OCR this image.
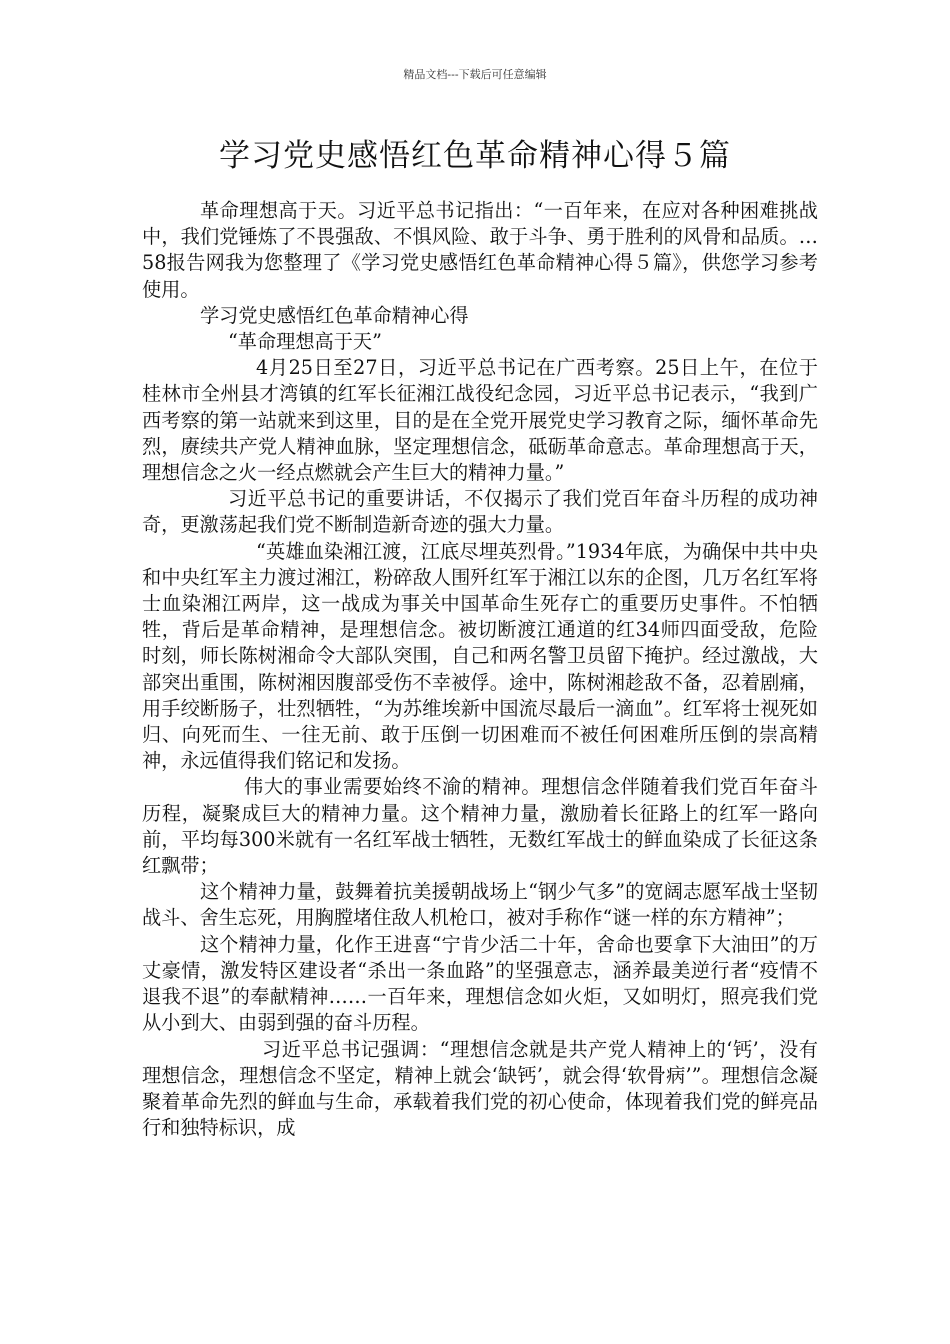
精品文档---下载后可任意编辑
学习党史感悟红色革命精神心得５篇

革命理想高于天。习近平总书记指出：“一百年来，在应对各种困难挑战中，我们党锤炼了不畏强敌、不惧风险、敢于斗争、勇于胜利的风骨和品质。…58报告网我为您整理了《学习党史感悟红色革命精神心得５篇》，供您学习参考使用。

学习党史感悟红色革命精神心得

“革命理想高于天”

4月25日至27日，习近平总书记在广西考察。25日上午，在位于桂林市全州县才湾镇的红军长征湘江战役纪念园，习近平总书记表示，“我到广西考察的第一站就来到这里，目的是在全党开展党史学习教育之际，缅怀革命先烈，赓续共产党人精神血脉，坚定理想信念，砥砺革命意志。革命理想高于天，理想信念之火一经点燃就会产生巨大的精神力量。”

习近平总书记的重要讲话，不仅揭示了我们党百年奋斗历程的成功神奇，更激荡起我们党不断制造新奇迹的强大力量。

“英雄血染湘江渡，江底尽埋英烈骨。”1934年底，为确保中共中央和中央红军主力渡过湘江，粉碎敌人围歼红军于湘江以东的企图，几万名红军将士血染湘江两岸，这一战成为事关中国革命生死存亡的重要历史事件。不怕牺牲，背后是革命精神，是理想信念。被切断渡江通道的红34师四面受敌，危险时刻，师长陈树湘命令大部队突围，自己和两名警卫员留下掩护。经过激战，大部突出重围，陈树湘因腹部受伤不幸被俘。途中，陈树湘趁敌不备，忍着剧痛，用手绞断肠子，壮烈牺牲，“为苏维埃新中国流尽最后一滴血”。红军将士视死如归、向死而生、一往无前、敢于压倒一切困难而不被任何困难所压倒的崇高精神，永远值得我们铭记和发扬。

伟大的事业需要始终不渝的精神。理想信念伴随着我们党百年奋斗历程，凝聚成巨大的精神力量。这个精神力量，激励着长征路上的红军一路向前，平均每300米就有一名红军战士牺牲，无数红军战士的鲜血染成了长征这条红飘带；

这个精神力量，鼓舞着抗美援朝战场上“钢少气多”的宽阔志愿军战士坚韧战斗、舍生忘死，用胸膛堵住敌人机枪口，被对手称作“谜一样的东方精神”；

这个精神力量，化作王进喜“宁肯少活二十年，舍命也要拿下大油田”的万丈豪情，激发特区建设者“杀出一条血路”的坚强意志，涵养最美逆行者“疫情不退我不退”的奉献精神……一百年来，理想信念如火炬，又如明灯，照亮我们党从小到大、由弱到强的奋斗历程。

习近平总书记强调：“理想信念就是共产党人精神上的‘钙’，没有理想信念，理想信念不坚定，精神上就会‘缺钙’，就会得‘软骨病’”。理想信念凝聚着革命先烈的鲜血与生命，承载着我们党的初心使命，体现着我们党的鲜亮品行和独特标识，成
